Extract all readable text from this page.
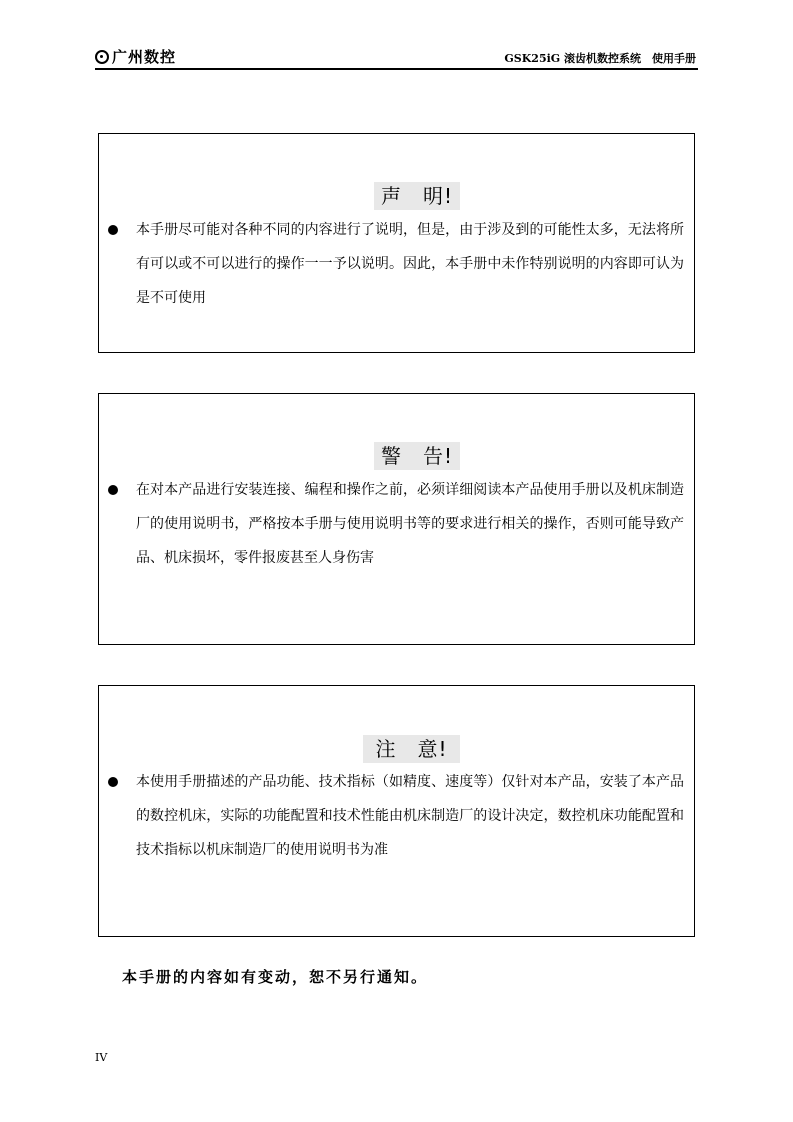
广州数控	GSK25iG 滚齿机数控系统　使用手册
声　明!
本手册尽可能对各种不同的内容进行了说明，但是，由于涉及到的可能性太多，无法将所有可以或不可以进行的操作一一予以说明。因此，本手册中未作特别说明的内容即可认为是不可使用
警　告!
在对本产品进行安装连接、编程和操作之前，必须详细阅读本产品使用手册以及机床制造厂的使用说明书，严格按本手册与使用说明书等的要求进行相关的操作，否则可能导致产品、机床损坏，零件报废甚至人身伤害
注　意!
本使用手册描述的产品功能、技术指标（如精度、速度等）仅针对本产品，安装了本产品的数控机床，实际的功能配置和技术性能由机床制造厂的设计决定，数控机床功能配置和技术指标以机床制造厂的使用说明书为准
本手册的内容如有变动，恕不另行通知。
IV
